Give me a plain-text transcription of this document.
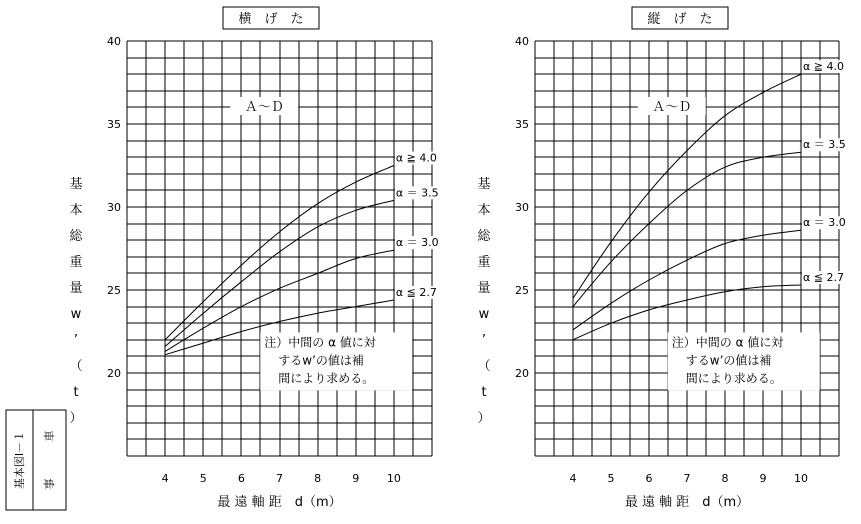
横　げ　た
20
25
30
35
40
4	5	6	7	8	9	10
最 遠 軸 距　d（m）
基本総重量 w ’（ t ）
α ≧ 4.0
α ＝ 3.5
α ＝ 3.0
α ≦ 2.7
Ａ～Ｄ
注）中間の α 値に対
するw’の値は補
間により求める。
縦　げ　た
20
25
30
35
40
4	5	6	7	8	9	10
最 遠 軸 距　d（m）
基本総重量 w ’（ t ）
α ≧ 4.0
α ＝ 3.5
α ＝ 3.0
α ≦ 2.7
Ａ～Ｄ
注）中間の α 値に対
するw’の値は補
間により求める。
基本図Ⅰ－１ 車
事
